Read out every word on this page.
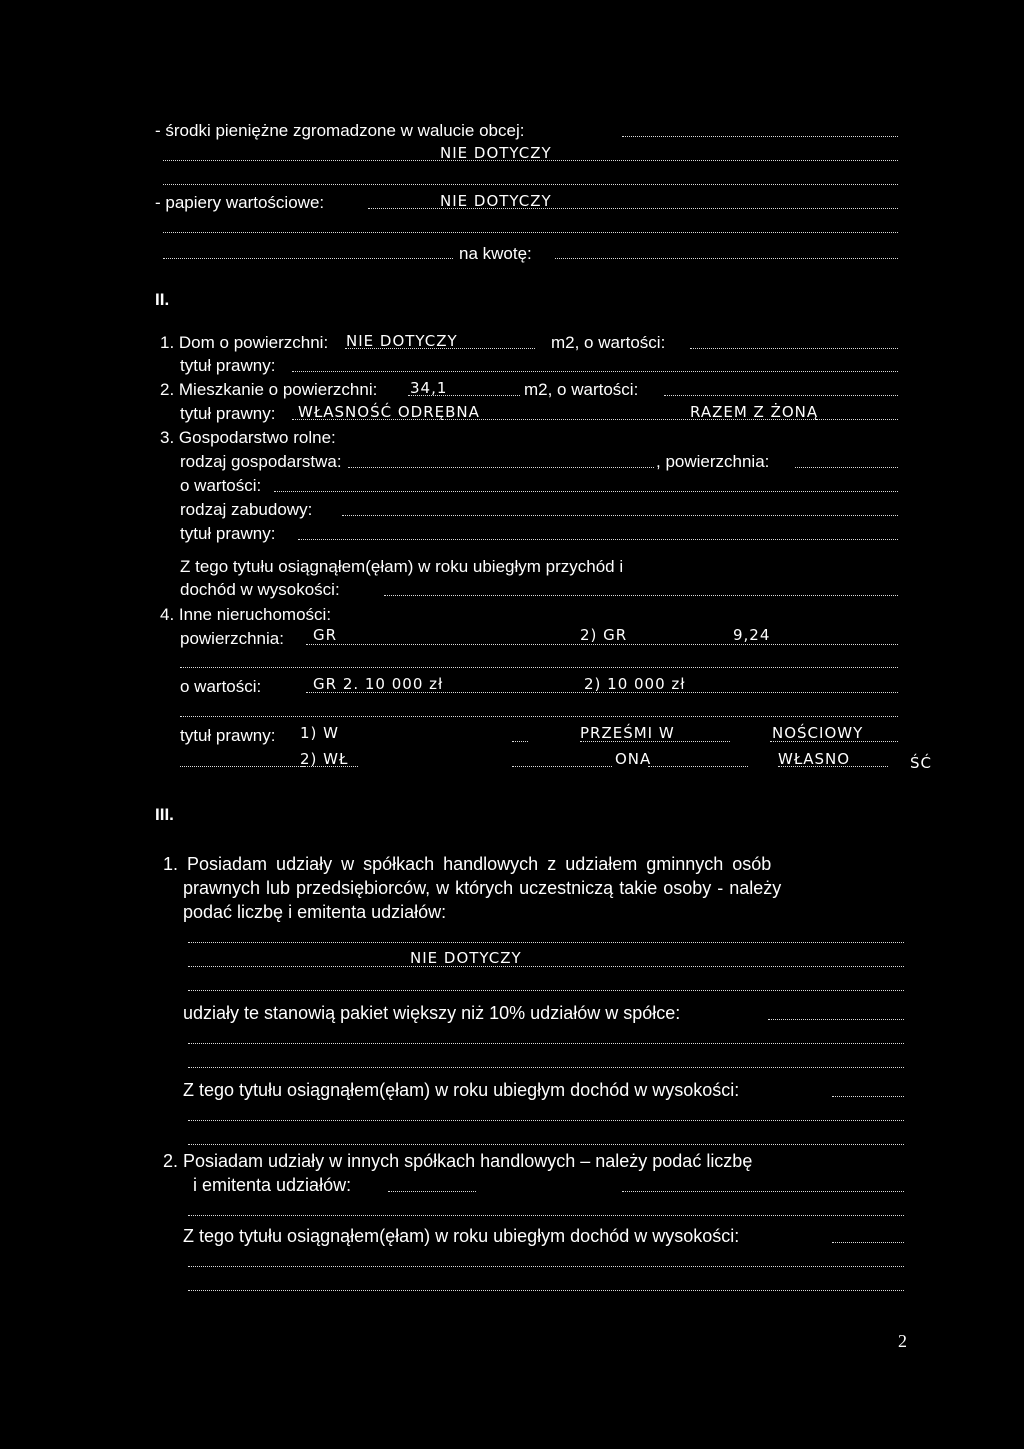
- środki pieniężne zgromadzone w walucie obcej:
NIE DOTYCZY
- papiery wartościowe:	NIE DOTYCZY
na kwotę:
II.
1. Dom o powierzchni: NIE DOTYCZY	m2, o wartości:
tytuł prawny:
2. Mieszkanie o powierzchni: 34,1	m2, o wartości:
tytuł prawny: WŁASNOŚĆ ODRĘBNA	RAZEM Z ŻONĄ
3. Gospodarstwo rolne:
rodzaj gospodarstwa:	, powierzchnia:
o wartości:
rodzaj zabudowy:
tytuł prawny:
Z tego tytułu osiągnąłem(ęłam) w roku ubiegłym przychód i
dochód w wysokości:
4. Inne nieruchomości:
powierzchnia: GR	2) GR	9,24
o wartości:	GR 2. 10 000 zł	2) 10 000 zł
tytuł prawny: 1) W	PRZEŚMI W	NOŚCIOWY
2) WŁ	ONA	WŁASNO	ŚĆ
III.
1. Posiadam udziały w spółkach handlowych z udziałem gminnych osób
prawnych lub przedsiębiorców, w których uczestniczą takie osoby - należy
podać liczbę i emitenta udziałów:
NIE DOTYCZY
udziały te stanowią pakiet większy niż 10% udziałów w spółce:
Z tego tytułu osiągnąłem(ęłam) w roku ubiegłym dochód w wysokości:
2. Posiadam udziały w innych spółkach handlowych – należy podać liczbę
i emitenta udziałów:
Z tego tytułu osiągnąłem(ęłam) w roku ubiegłym dochód w wysokości:
2
